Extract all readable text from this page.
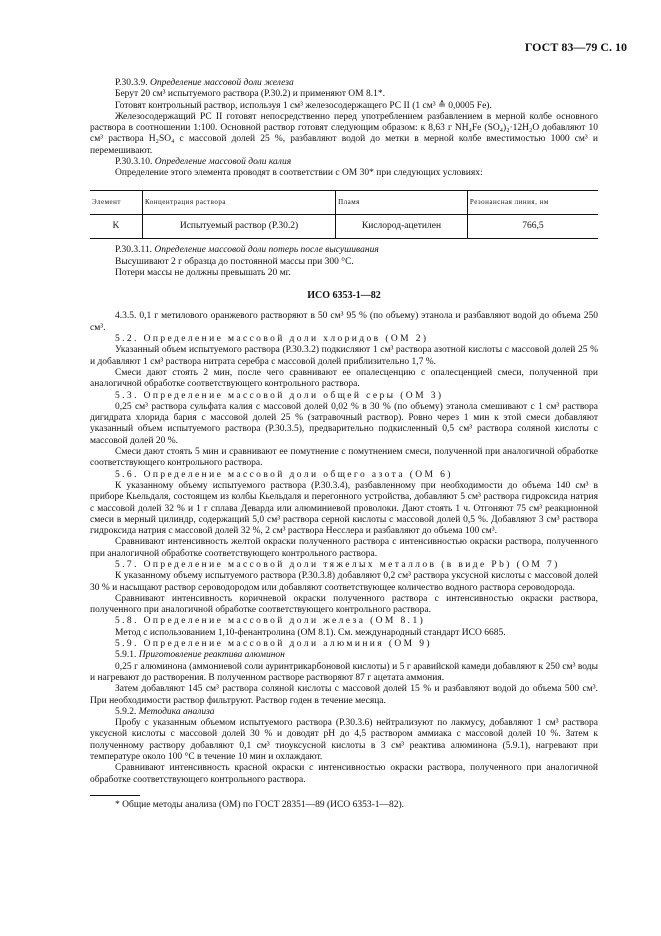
ГОСТ 83—79 С. 10

Р.30.3.9. Определение массовой доли железа

Берут 20 см³ испытуемого раствора (Р.30.2) и применяют ОМ 8.1*.

Готовят контрольный раствор, используя 1 см³ железосодержащего РС II (1 см³ ≙ 0,0005 Fe).

Железосодержащий РС II готовят непосредственно перед употреблением разбавлением в мерной колбе основного раствора в соотношении 1:100. Основной раствор готовят следующим образом: к 8,63 г NH₄Fe (SO₄)₂·12H₂O добавляют 10 см³ раствора H₂SO₄ с массовой долей 25 %, разбавляют водой до метки в мерной колбе вместимостью 1000 см³ и перемешивают.

Р.30.3.10. Определение массовой доли калия

Определение этого элемента проводят в соответствии с ОМ 30* при следующих условиях:

Элемент	Концентрация раствора	Пламя	Резонансная линия, нм
K	Испытуемый раствор (Р.30.2)	Кислород-ацетилен	766,5

Р.30.3.11. Определение массовой доли потерь после высушивания

Высушивают 2 г образца до постоянной массы при 300 °С.

Потери массы не должны превышать 20 мг.

ИСО 6353-1—82

4.3.5. 0,1 г метилового оранжевого растворяют в 50 см³ 95 % (по объему) этанола и разбавляют водой до объема 250 см³.

5.2. Определение массовой доли хлоридов (ОМ 2)

Указанный объем испытуемого раствора (Р.30.3.2) подкисляют 1 см³ раствора азотной кислоты с массовой долей 25 % и добавляют 1 см³ раствора нитрата серебра с массовой долей приблизительно 1,7 %.

Смеси дают стоять 2 мин, после чего сравнивают ее опалесценцию с опалесценцией смеси, полученной при аналогичной обработке соответствующего контрольного раствора.

5.3. Определение массовой доли общей серы (ОМ 3)

0,25 см³ раствора сульфата калия с массовой долей 0,02 % в 30 % (по объему) этанола смешивают с 1 см³ раствора дигидрата хлорида бария с массовой долей 25 % (затравочный раствор). Ровно через 1 мин к этой смеси добавляют указанный объем испытуемого раствора (Р.30.3.5), предварительно подкисленный 0,5 см³ раствора соляной кислоты с массовой долей 20 %.

Смеси дают стоять 5 мин и сравнивают ее помутнение с помутнением смеси, полученной при аналогичной обработке соответствующего контрольного раствора.

5.6. Определение массовой доли общего азота (ОМ 6)

К указанному объему испытуемого раствора (Р.30.3.4), разбавленному при необходимости до объема 140 см³ в приборе Кьельдаля, состоящем из колбы Кьельдаля и перегонного устройства, добавляют 5 см³ раствора гидроксида натрия с массовой долей 32 % и 1 г сплава Деварда или алюминиевой проволоки. Дают стоять 1 ч. Отгоняют 75 см³ реакционной смеси в мерный цилиндр, содержащий 5,0 см³ раствора серной кислоты с массовой долей 0,5 %. Добавляют 3 см³ раствора гидроксида натрия с массовой долей 32 %, 2 см³ раствора Несслера и разбавляют до объема 100 см³.

Сравнивают интенсивность желтой окраски полученного раствора с интенсивностью окраски раствора, полученного при аналогичной обработке соответствующего контрольного раствора.

5.7. Определение массовой доли тяжелых металлов (в виде Pb) (ОМ 7)

К указанному объему испытуемого раствора (Р.30.3.8) добавляют 0,2 см³ раствора уксусной кислоты с массовой долей 30 % и насыщают раствор сероводородом или добавляют соответствующее количество водного раствора сероводорода.

Сравнивают интенсивность коричневой окраски полученного раствора с интенсивностью окраски раствора, полученного при аналогичной обработке соответствующего контрольного раствора.

5.8. Определение массовой доли железа (ОМ 8.1)

Метод с использованием 1,10-фенантролина (ОМ 8.1). См. международный стандарт ИСО 6685.

5.9. Определение массовой доли алюминия (ОМ 9)

5.9.1. Приготовление реактива алюминон

0,25 г алюминона (аммониевой соли ауринтрикарбоновой кислоты) и 5 г аравийской камеди добавляют к 250 см³ воды и нагревают до растворения. В полученном растворе растворяют 87 г ацетата аммония.

Затем добавляют 145 см³ раствора соляной кислоты с массовой долей 15 % и разбавляют водой до объема 500 см³. При необходимости раствор фильтруют. Раствор годен в течение месяца.

5.9.2. Методика анализа

Пробу с указанным объемом испытуемого раствора (Р.30.3.6) нейтрализуют по лакмусу, добавляют 1 см³ раствора уксусной кислоты с массовой долей 30 % и доводят рН до 4,5 раствором аммиака с массовой долей 10 %. Затем к полученному раствору добавляют 0,1 см³ тиоуксусной кислоты в 3 см³ реактива алюминона (5.9.1), нагревают при температуре около 100 °С в течение 10 мин и охлаждают.

Сравнивают интенсивность красной окраски с интенсивностью окраски раствора, полученного при аналогичной обработке соответствующего контрольного раствора.

* Общие методы анализа (ОМ) по ГОСТ 28351—89 (ИСО 6353-1—82).
